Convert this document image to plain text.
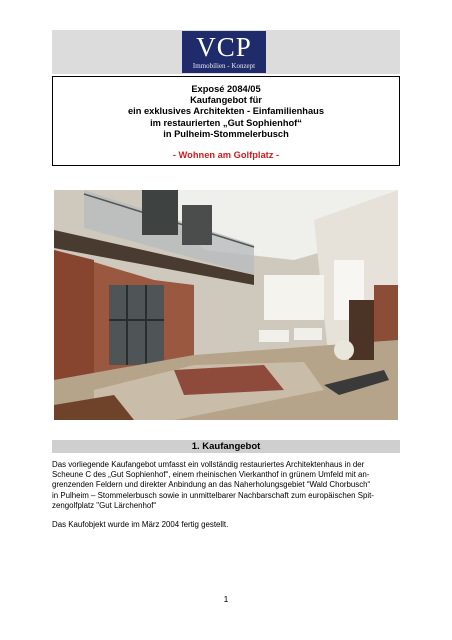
VCP
Immobilien - Konzept
Exposé 2084/05
Kaufangebot für
ein exklusives Architekten - Einfamilienhaus
im restaurierten „Gut Sophienhof“
in Pulheim-Stommelerbusch
- Wohnen am Golfplatz -
1. Kaufangebot
Das vorliegende Kaufangebot umfasst ein vollständig restauriertes Architektenhaus in der
Scheune C des „Gut Sophienhof“, einem rheinischen Vierkanthof in grünem Umfeld mit an-
grenzenden Feldern und direkter Anbindung an das Naherholungsgebiet “Wald Chorbusch“
in Pulheim – Stommelerbusch sowie in unmittelbarer Nachbarschaft zum europäischen Spit-
zengolfplatz "Gut Lärchenhof“
Das Kaufobjekt wurde im März 2004 fertig gestellt.
1
